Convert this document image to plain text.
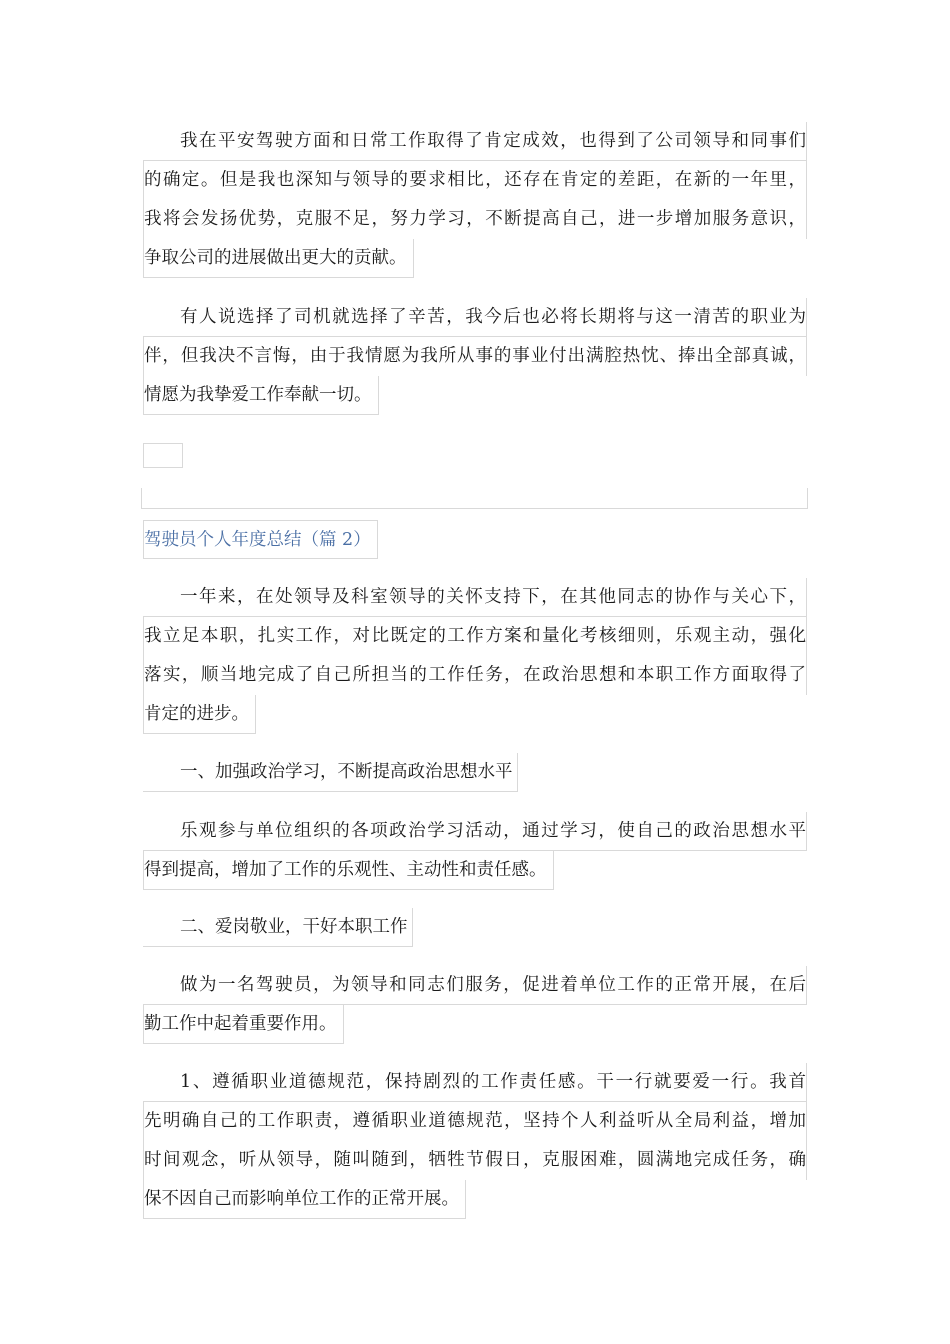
我在平安驾驶方面和日常工作取得了肯定成效，也得到了公司领导和同事们
的确定。但是我也深知与领导的要求相比，还存在肯定的差距，在新的一年里，
我将会发扬优势，克服不足，努力学习，不断提高自己，进一步增加服务意识，
争取公司的进展做出更大的贡献。
有人说选择了司机就选择了辛苦，我今后也必将长期将与这一清苦的职业为
伴，但我决不言悔，由于我情愿为我所从事的事业付出满腔热忱、捧出全部真诚，
情愿为我挚爱工作奉献一切。
驾驶员个人年度总结（篇 2）
一年来，在处领导及科室领导的关怀支持下，在其他同志的协作与关心下，
我立足本职，扎实工作，对比既定的工作方案和量化考核细则，乐观主动，强化
落实，顺当地完成了自己所担当的工作任务，在政治思想和本职工作方面取得了
肯定的进步。
一、加强政治学习，不断提高政治思想水平
乐观参与单位组织的各项政治学习活动，通过学习，使自己的政治思想水平
得到提高，增加了工作的乐观性、主动性和责任感。
二、爱岗敬业，干好本职工作
做为一名驾驶员，为领导和同志们服务，促进着单位工作的正常开展，在后
勤工作中起着重要作用。
1、遵循职业道德规范，保持剧烈的工作责任感。干一行就要爱一行。我首
先明确自己的工作职责，遵循职业道德规范，坚持个人利益听从全局利益，增加
时间观念，听从领导，随叫随到，牺牲节假日，克服困难，圆满地完成任务，确
保不因自己而影响单位工作的正常开展。
